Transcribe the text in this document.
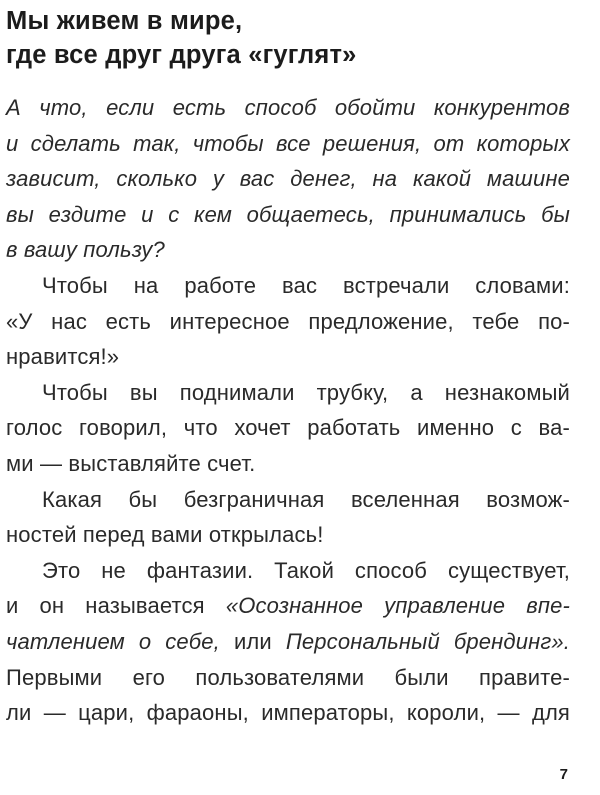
Мы живем в мире,
где все друг друга «гуглят»

А что, если есть способ обойти конкурентов
и сделать так, чтобы все решения, от которых
зависит, сколько у вас денег, на какой машине
вы ездите и с кем общаетесь, принимались бы
в вашу пользу?

Чтобы на работе вас встречали словами:
«У нас есть интересное предложение, тебе по-
нравится!»

Чтобы вы поднимали трубку, а незнакомый
голос говорил, что хочет работать именно с ва-
ми — выставляйте счет.

Какая бы безграничная вселенная возмож-
ностей перед вами открылась!

Это не фантазии. Такой способ существует,
и он называется «Осознанное управление впе-
чатлением о себе, или Персональный брендинг».
Первыми его пользователями были правите-
ли — цари, фараоны, императоры, короли, — для

7
